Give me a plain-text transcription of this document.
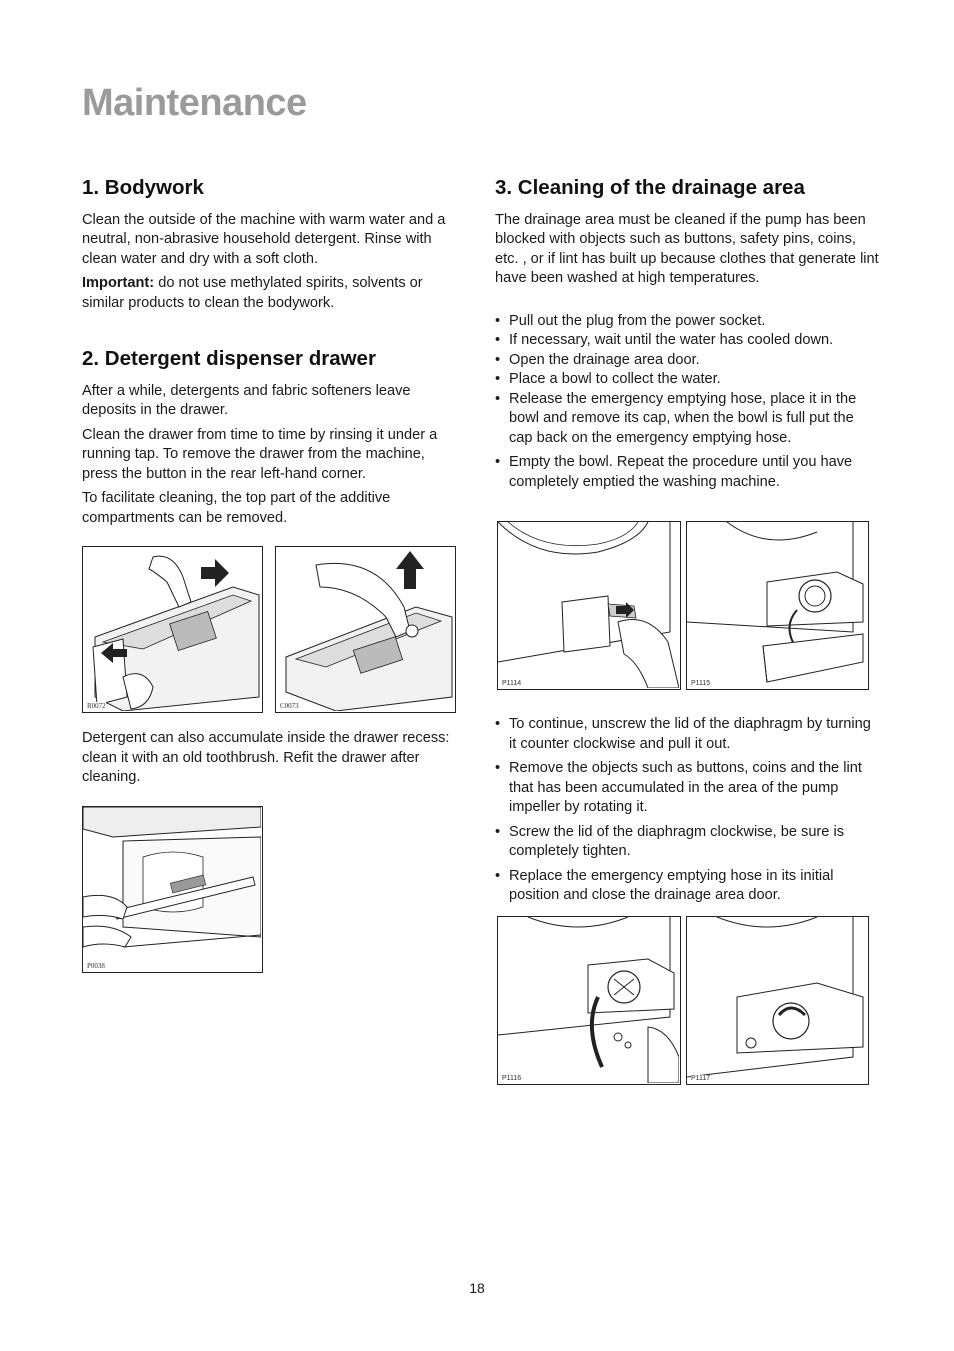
Maintenance
1. Bodywork

Clean the outside of the machine with warm water and a neutral, non-abrasive household detergent. Rinse with clean water and dry with a soft cloth.

Important: do not use methylated spirits, solvents or similar products to clean the bodywork.

2. Detergent dispenser drawer

After a while, detergents and fabric softeners leave deposits in the drawer.

Clean the drawer from time to time by rinsing it under a running tap. To remove the drawer from the machine, press the button in the rear left-hand corner.

To facilitate cleaning, the top part of the additive compartments can be removed.

R0072	C0073

Detergent can also accumulate inside the drawer recess: clean it with an old toothbrush. Refit the drawer after cleaning.

P0038
3. Cleaning of the drainage area

The drainage area must be cleaned if the pump has been blocked with objects such as buttons, safety pins, coins, etc. , or if lint has built up because clothes that generate lint have been washed at high temperatures.

• Pull out the plug from the power socket.
• If necessary, wait until the water has cooled down.
• Open the drainage area door.
• Place a bowl to collect the water.
• Release the emergency emptying hose, place it in the bowl and remove its cap, when the bowl is full put the cap back on the emergency emptying hose.
• Empty the bowl. Repeat the procedure until you have completely emptied the washing machine.
P1114	P1115
• To continue, unscrew the lid of the diaphragm by turning it counter clockwise and pull it out.
• Remove the objects such as buttons, coins and the lint that has been accumulated in the area of the pump impeller by rotating it.
• Screw the lid of the diaphragm clockwise, be sure is completely tighten.
• Replace the emergency emptying hose in its initial position and close the drainage area door.
P1116	P1117
18
